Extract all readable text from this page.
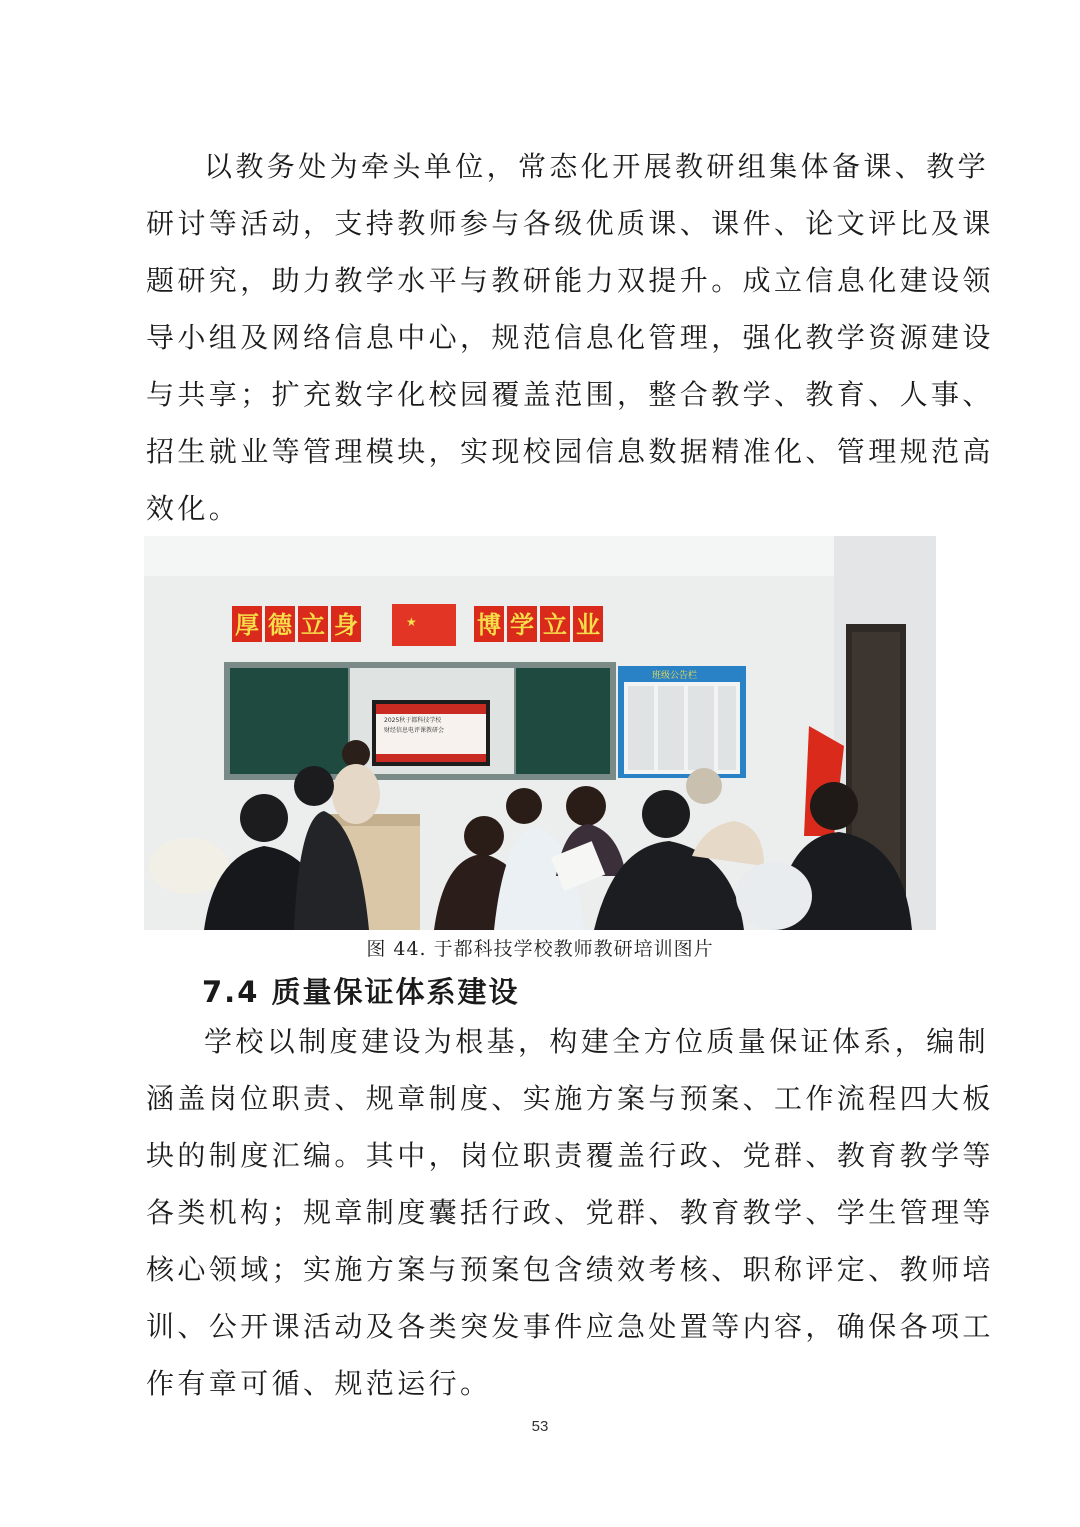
以教务处为牵头单位，常态化开展教研组集体备课、教学
研讨等活动，支持教师参与各级优质课、课件、论文评比及课
题研究，助力教学水平与教研能力双提升。成立信息化建设领
导小组及网络信息中心，规范信息化管理，强化教学资源建设
与共享；扩充数字化校园覆盖范围，整合教学、教育、人事、
招生就业等管理模块，实现校园信息数据精准化、管理规范高
效化。

★
厚德立身	博学立业
2025秋于都科技学校
财经信息电评课教研会
班级公告栏
图 44. 于都科技学校教师教研培训图片
7.4 质量保证体系建设

学校以制度建设为根基，构建全方位质量保证体系，编制
涵盖岗位职责、规章制度、实施方案与预案、工作流程四大板
块的制度汇编。其中，岗位职责覆盖行政、党群、教育教学等
各类机构；规章制度囊括行政、党群、教育教学、学生管理等
核心领域；实施方案与预案包含绩效考核、职称评定、教师培
训、公开课活动及各类突发事件应急处置等内容，确保各项工
作有章可循、规范运行。

53
